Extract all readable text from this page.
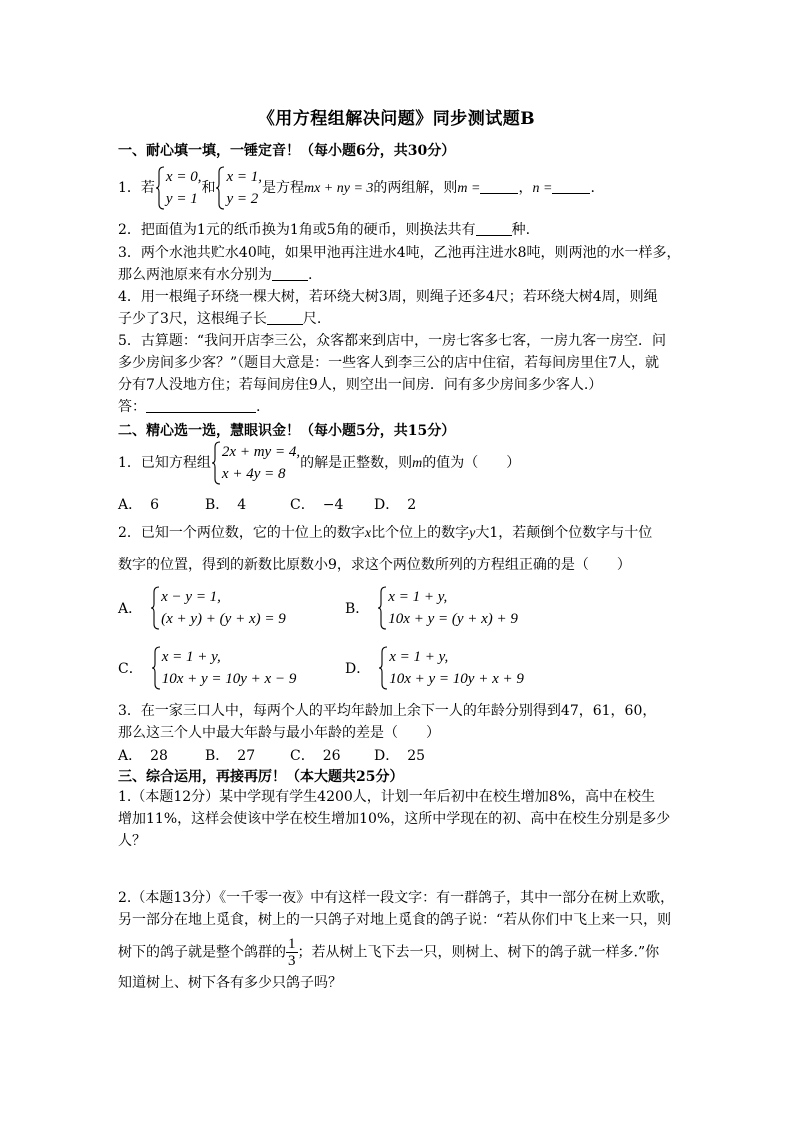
《用方程组解决问题》同步测试题B
一、耐心填一填，一锤定音！（每小题6分，共30分）
1．若
x = 0,
y = 1
和
x = 1,
y = 2
是方程mx + ny = 3的两组解，则m =	，n =	.
2．把面值为1元的纸币换为1角或5角的硬币，则换法共有	种.
3．两个水池共贮水40吨，如果甲池再注进水4吨，乙池再注进水8吨，则两池的水一样多，
那么两池原来有水分别为	.
4．用一根绳子环绕一棵大树，若环绕大树3周，则绳子还多4尺；若环绕大树4周，则绳
子少了3尺，这根绳子长	尺.
5．古算题：“我问开店李三公，众客都来到店中，一房七客多七客，一房九客一房空．问
多少房间多少客？”（题目大意是：一些客人到李三公的店中住宿，若每间房里住7人，就
分有7人没地方住；若每间房住9人，则空出一间房．问有多少房间多少客人.）
答：	.
二、精心选一选，慧眼识金！（每小题5分，共15分）
1．已知方程组
2x + my = 4,
x + 4y = 8
的解是正整数，则m的值为（　　）
A． 6	B． 4	C． −4 D． 2
2．已知一个两位数，它的十位上的数字x比个位上的数字y大1，若颠倒个位数字与十位
数字的位置，得到的新数比原数小9，求这个两位数所列的方程组正确的是（　　）
A．
x − y = 1,
(x + y) + (y + x) = 9
B．
x = 1 + y,
10x + y = (y + x) + 9
C．
x = 1 + y,
10x + y = 10y + x − 9
D．
x = 1 + y,
10x + y = 10y + x + 9
3．在一家三口人中，每两个人的平均年龄加上余下一人的年龄分别得到47，61，60，
那么这三个人中最大年龄与最小年龄的差是（　　）
A． 28	B． 27 C． 26 D． 25
三、综合运用，再接再厉！（本大题共25分）
1.（本题12分）某中学现有学生4200人，计划一年后初中在校生增加8%，高中在校生
增加11%，这样会使该中学在校生增加10%，这所中学现在的初、高中在校生分别是多少
人？
2.（本题13分）《一千零一夜》中有这样一段文字：有一群鸽子，其中一部分在树上欢歌，
另一部分在地上觅食，树上的一只鸽子对地上觅食的鸽子说：“若从你们中飞上来一只，则
树下的鸽子就是整个鸽群的 $\frac{1}{3}$ ；若从树上飞下去一只，则树上、树下的鸽子就一样多.”你
知道树上、树下各有多少只鸽子吗？
